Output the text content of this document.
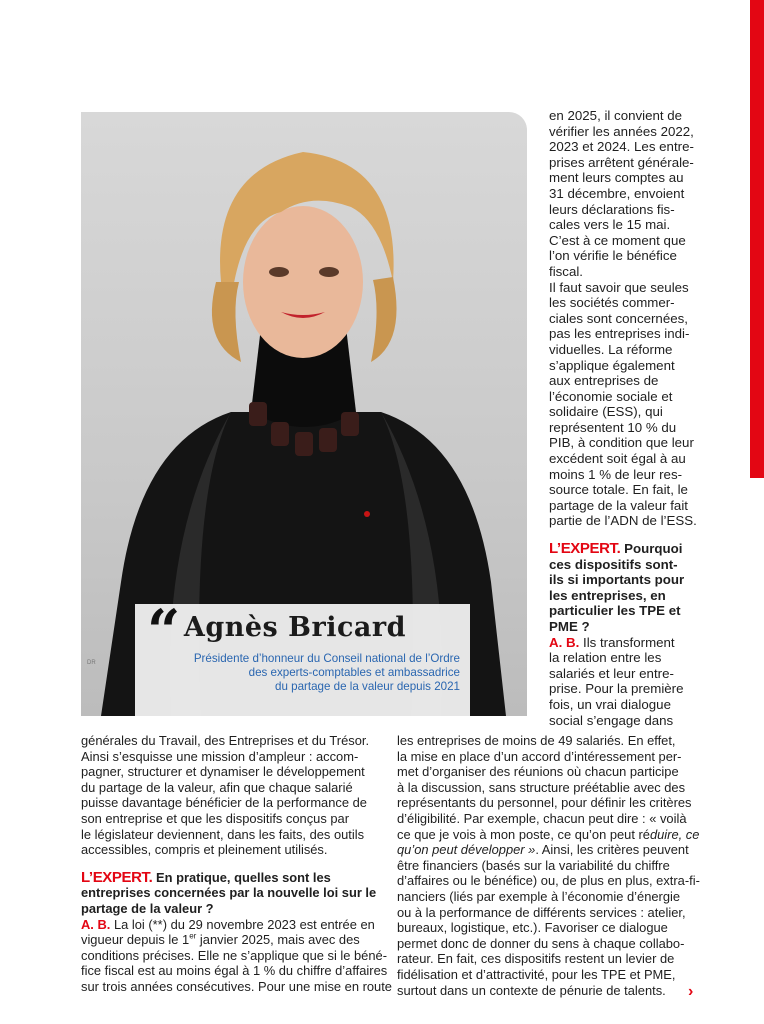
DR “ Agnès Bricard
Présidente d’honneur du Conseil national de l’Ordre
des experts-comptables et ambassadrice
du partage de la valeur depuis 2021
en 2025, il convient de
vérifier les années 2022,
2023 et 2024. Les entre-
prises arrêtent générale-
ment leurs comptes au
31 décembre, envoient
leurs déclarations fis-
cales vers le 15 mai.
C’est à ce moment que
l’on vérifie le bénéfice
fiscal.
Il faut savoir que seules
les sociétés commer-
ciales sont concernées,
pas les entreprises indi-
viduelles. La réforme
s’applique également
aux entreprises de
l’économie sociale et
solidaire (ESS), qui
représentent 10 % du
PIB, à condition que leur
excédent soit égal à au
moins 1 % de leur res-
source totale. En fait, le
partage de la valeur fait
partie de l’ADN de l’ESS.
L’EXPERT. Pourquoi
ces dispositifs sont-
ils si importants pour
les entreprises, en
particulier les TPE et
PME ?
A. B. Ils transforment
la relation entre les
salariés et leur entre-
prise. Pour la première
fois, un vrai dialogue
social s’engage dans
générales du Travail, des Entreprises et du Trésor.
Ainsi s’esquisse une mission d’ampleur : accom-
pagner, structurer et dynamiser le développement
du partage de la valeur, afin que chaque salarié
puisse davantage bénéficier de la performance de
son entreprise et que les dispositifs conçus par
le législateur deviennent, dans les faits, des outils
accessibles, compris et pleinement utilisés.
L’EXPERT. En pratique, quelles sont les
entreprises concernées par la nouvelle loi sur le
partage de la valeur ?
A. B. La loi (**) du 29 novembre 2023 est entrée en
vigueur depuis le 1er janvier 2025, mais avec des
conditions précises. Elle ne s’applique que si le béné-
fice fiscal est au moins égal à 1 % du chiffre d’affaires
sur trois années consécutives. Pour une mise en route
les entreprises de moins de 49 salariés. En effet,
la mise en place d’un accord d’intéressement per-
met d’organiser des réunions où chacun participe
à la discussion, sans structure préétablie avec des
représentants du personnel, pour définir les critères
d’éligibilité. Par exemple, chacun peut dire : « voilà
ce que je vois à mon poste, ce qu’on peut réduire, ce
qu’on peut développer ». Ainsi, les critères peuvent
être financiers (basés sur la variabilité du chiffre
d’affaires ou le bénéfice) ou, de plus en plus, extra-fi-
nanciers (liés par exemple à l’économie d’énergie
ou à la performance de différents services : atelier,
bureaux, logistique, etc.). Favoriser ce dialogue
permet donc de donner du sens à chaque collabo-
rateur. En fait, ces dispositifs restent un levier de
fidélisation et d’attractivité, pour les TPE et PME,
surtout dans un contexte de pénurie de talents.	›
